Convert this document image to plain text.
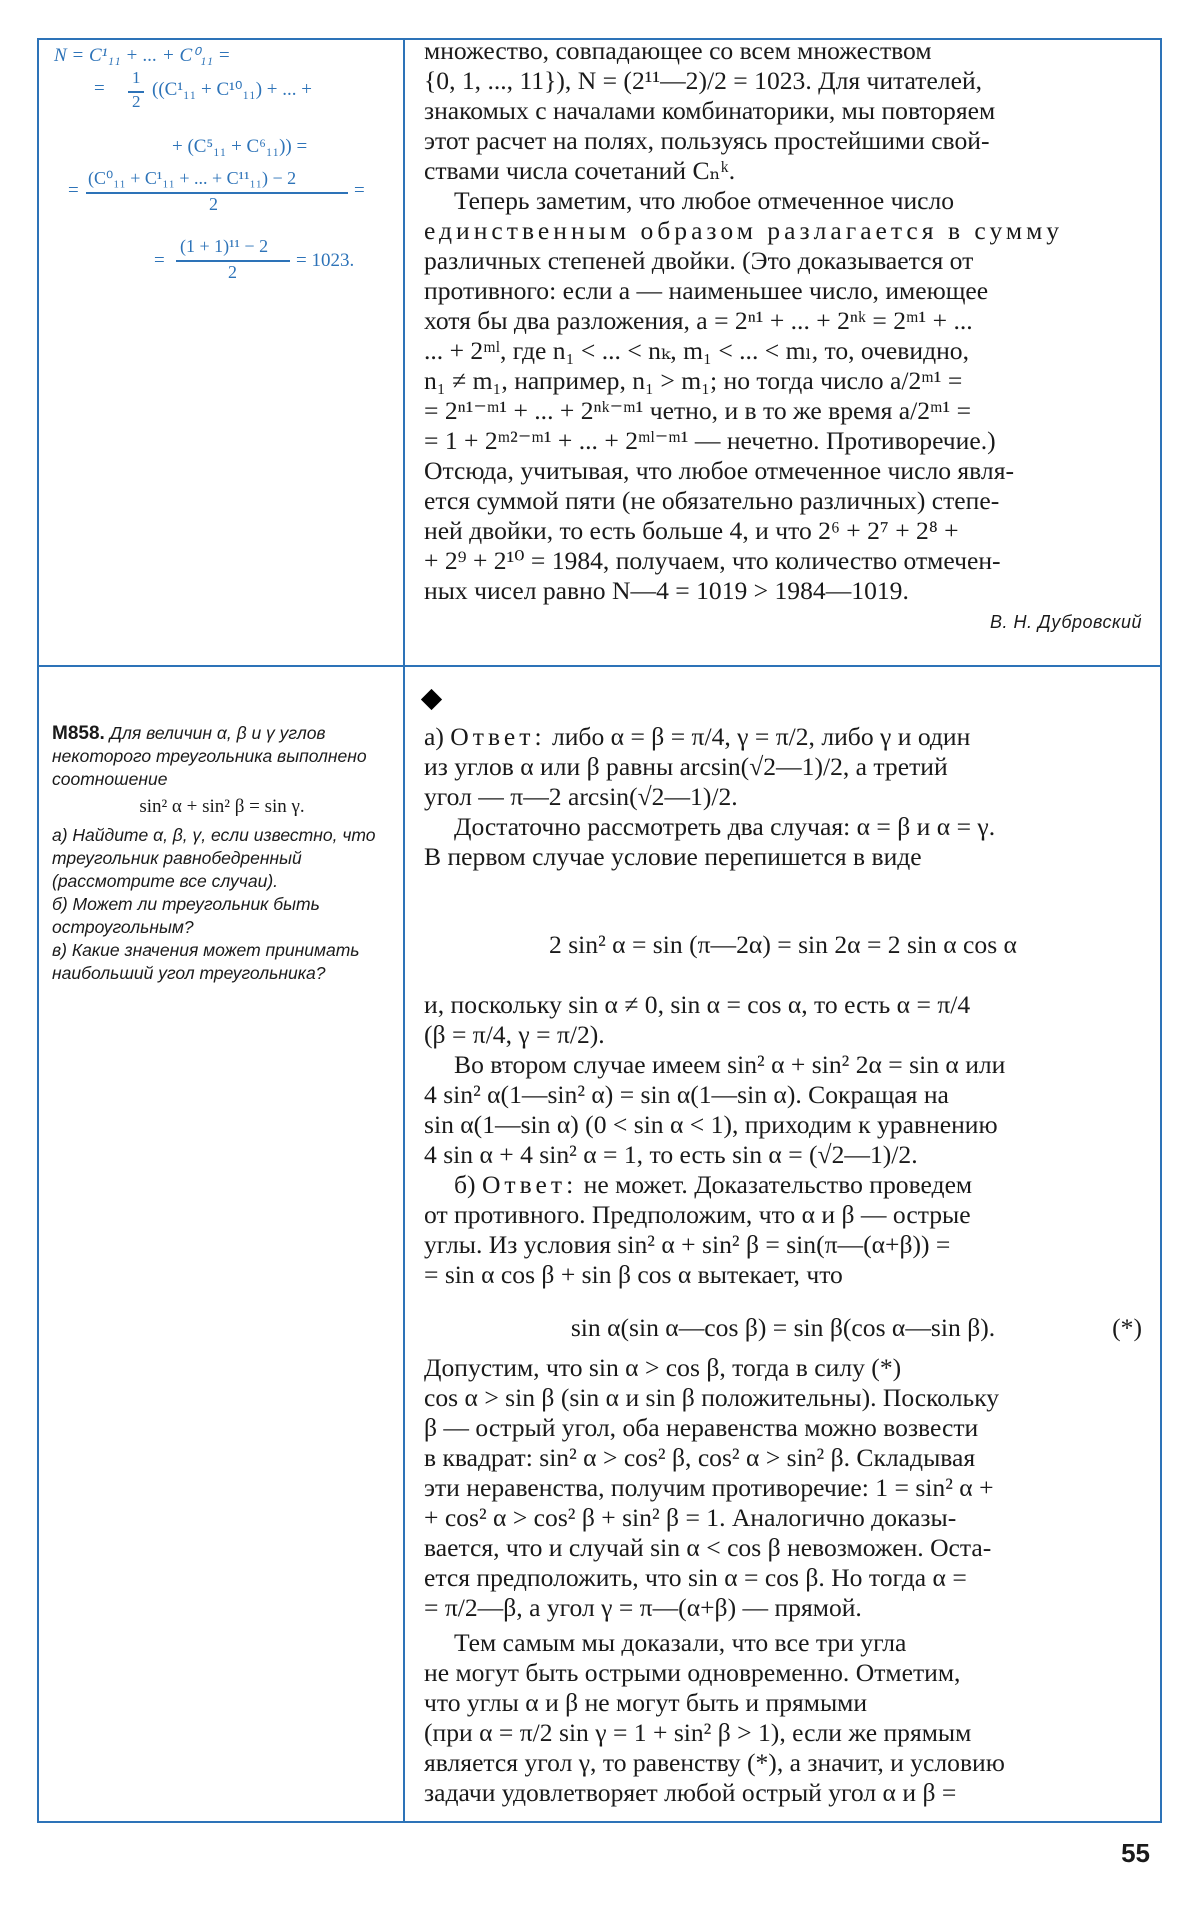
N = C¹₁₁ + ... + C⁰₁₁ =
=
1
2
((C¹₁₁ + C¹⁰₁₁) + ... +
+ (C⁵₁₁ + C⁶₁₁)) =
=
(C⁰₁₁ + C¹₁₁ + ... + C¹¹₁₁) − 2
2
=
=
(1 + 1)¹¹ − 2
2
= 1023.

множество, совпадающее со всем множеством

{0, 1, ..., 11}), N = (2¹¹—2)/2 = 1023. Для читателей,

знакомых с началами комбинаторики, мы повторяем

этот расчет на полях, пользуясь простейшими свой-

ствами числа сочетаний Cₙᵏ.

Теперь заметим, что любое отмеченное число

единственным образом разлагается в сумму

различных степеней двойки. (Это доказывается от

противного: если a — наименьшее число, имеющее

хотя бы два разложения, a = 2ⁿ¹ + ... + 2ⁿᵏ = 2ᵐ¹ + ...

... + 2ᵐˡ, где n₁ < ... < nₖ, m₁ < ... < mₗ, то, очевидно,

n₁ ≠ m₁, например, n₁ > m₁; но тогда число a/2ᵐ¹ =

= 2ⁿ¹⁻ᵐ¹ + ... + 2ⁿᵏ⁻ᵐ¹ четно, и в то же время a/2ᵐ¹ =

= 1 + 2ᵐ²⁻ᵐ¹ + ... + 2ᵐˡ⁻ᵐ¹ — нечетно. Противоречие.)

Отсюда, учитывая, что любое отмеченное число явля-

ется суммой пяти (не обязательно различных) степе-

ней двойки, то есть больше 4, и что 2⁶ + 2⁷ + 2⁸ +

+ 2⁹ + 2¹⁰ = 1984, получаем, что количество отмечен-

ных чисел равно N—4 = 1019 > 1984—1019.

В. Н. Дубровский
М858. Для величин α, β и γ углов некоторого треугольника выполнено соотношение
sin² α + sin² β = sin γ.
а) Найдите α, β, γ, если известно, что треугольник равнобедренный (рассмотрите все случаи).
б) Может ли треугольник быть остроугольным?
в) Какие значения может принимать наибольший угол треугольника?

а) Ответ: либо α = β = π/4, γ = π/2, либо γ и один

из углов α или β равны arcsin(√2—1)/2, а третий

угол — π—2 arcsin(√2—1)/2.

Достаточно рассмотреть два случая: α = β и α = γ.

В первом случае условие перепишется в виде

2 sin² α = sin (π—2α) = sin 2α = 2 sin α cos α

и, поскольку sin α ≠ 0, sin α = cos α, то есть α = π/4

(β = π/4, γ = π/2).

Во втором случае имеем sin² α + sin² 2α = sin α или

4 sin² α(1—sin² α) = sin α(1—sin α). Сокращая на

sin α(1—sin α) (0 < sin α < 1), приходим к уравнению

4 sin α + 4 sin² α = 1, то есть sin α = (√2—1)/2.

б) Ответ: не может. Доказательство проведем

от противного. Предположим, что α и β — острые

углы. Из условия sin² α + sin² β = sin(π—(α+β)) =

= sin α cos β + sin β cos α вытекает, что

sin α(sin α—cos β) = sin β(cos α—sin β).	(*)

Допустим, что sin α > cos β, тогда в силу (*)

cos α > sin β (sin α и sin β положительны). Поскольку

β — острый угол, оба неравенства можно возвести

в квадрат: sin² α > cos² β, cos² α > sin² β. Складывая

эти неравенства, получим противоречие: 1 = sin² α +

+ cos² α > cos² β + sin² β = 1. Аналогично доказы-

вается, что и случай sin α < cos β невозможен. Оста-

ется предположить, что sin α = cos β. Но тогда α =

= π/2—β, а угол γ = π—(α+β) — прямой.

Тем самым мы доказали, что все три угла

не могут быть острыми одновременно. Отметим,

что углы α и β не могут быть и прямыми

(при α = π/2 sin γ = 1 + sin² β > 1), если же прямым

является угол γ, то равенству (*), а значит, и условию

задачи удовлетворяет любой острый угол α и β =

55
